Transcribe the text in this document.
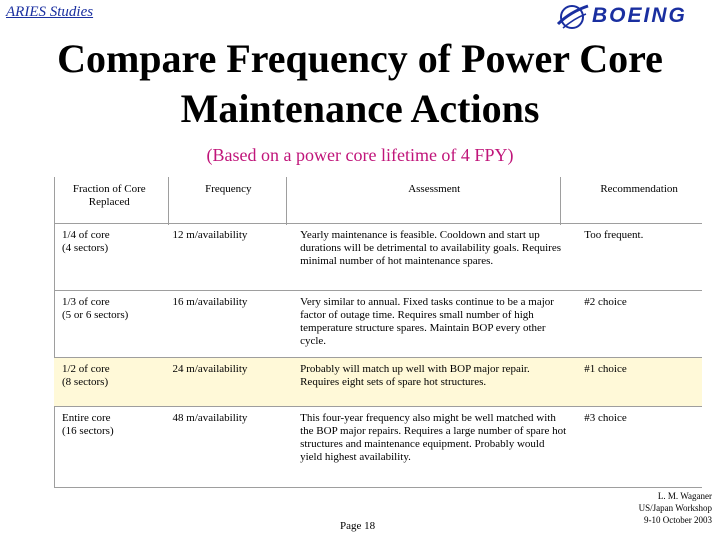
ARIES Studies	BOEING
Compare Frequency of Power Core
Maintenance Actions
(Based on a power core lifetime of 4 FPY)
Fraction of Core Replaced	Frequency	Assessment	Recommendation

1/4 of core
(4 sectors)	12 m/availability	Yearly maintenance is feasible. Cooldown and start up durations will be detrimental to availability goals. Requires minimal number of hot maintenance spares.	Too frequent.

1/3 of core
(5 or 6 sectors)	16 m/availability	Very similar to annual. Fixed tasks continue to be a major factor of outage time. Requires small number of high temperature structure spares. Maintain BOP every other cycle.	#2 choice

1/2 of core
(8 sectors)	24 m/availability	Probably will match up well with BOP major repair. Requires eight sets of spare hot structures.	#1 choice

Entire core
(16 sectors)	48 m/availability	This four-year frequency also might be well matched with the BOP major repairs. Requires a large number of spare hot structures and maintenance equipment. Probably would yield highest availability.	#3 choice
Page 18
L. M. Waganer
US/Japan Workshop
9-10 October 2003
